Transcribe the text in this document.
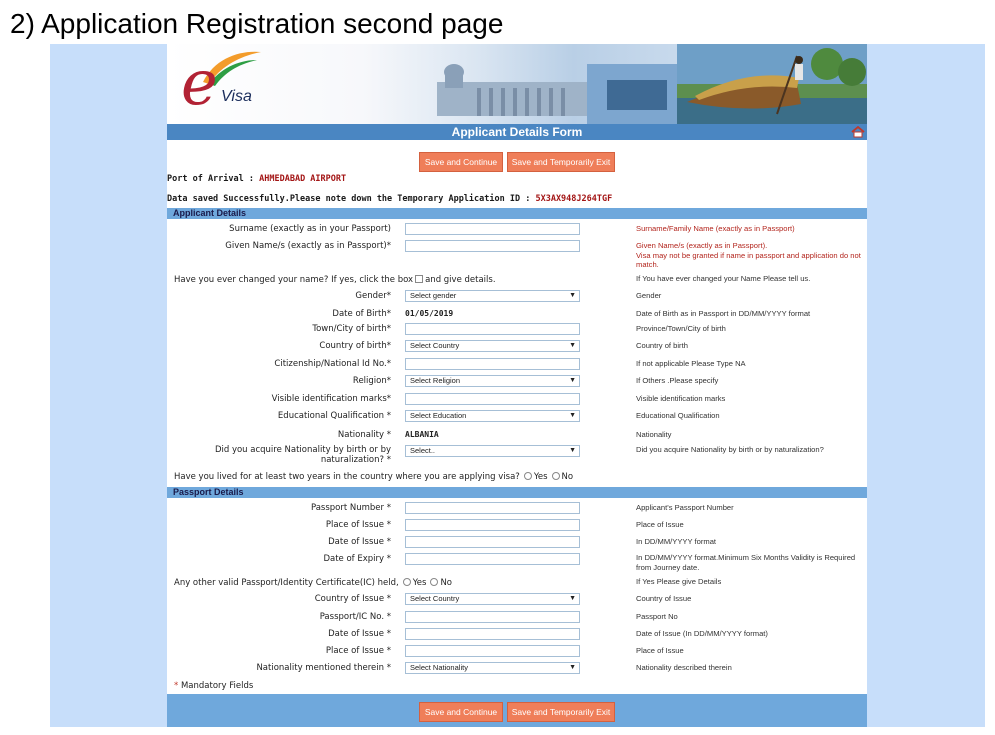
2) Application Registration second page
e Visa
Applicant Details Form
Save and Continue	Save and Temporarily Exit
Port of Arrival : AHMEDABAD AIRPORT
Data saved Successfully.Please note down the Temporary Application ID : 5X3AX948J264TGF
Applicant Details
Surname (exactly as in your Passport)	Surname/Family Name (exactly as in Passport)
Given Name/s (exactly as in Passport)*	Given Name/s (exactly as in Passport).
Visa may not be granted if name in passport and application do not match.
Have you ever changed your name? If yes, click the box and give details.	If You have ever changed your Name Please tell us.
Gender*	Select gender	▼	Gender
Date of Birth* 01/05/2019	Date of Birth as in Passport in DD/MM/YYYY format
Town/City of birth*	Province/Town/City of birth
Country of birth*	Select Country	▼	Country of birth
Citizenship/National Id No.*	If not applicable Please Type NA
Religion*	Select Religion	▼	If Others .Please specify
Visible identification marks*	Visible identification marks
Educational Qualification *	Select Education	▼	Educational Qualification
Nationality * ALBANIA	Nationality
Did you acquire Nationality by birth or by naturalization? *
Select..	▼	Did you acquire Nationality by birth or by naturalization?
Have you lived for at least two years in the country where you are applying visa? Yes No
Passport Details
Passport Number *	Applicant's Passport Number
Place of Issue *	Place of Issue
Date of Issue *	In DD/MM/YYYY format
Date of Expiry *	In DD/MM/YYYY format.Minimum Six Months Validity is Required from Journey date.
Any other valid Passport/Identity Certificate(IC) held, Yes No	If Yes Please give Details
Country of Issue *	Select Country	▼	Country of Issue
Passport/IC No. *	Passport No
Date of Issue *	Date of Issue (In DD/MM/YYYY format)
Place of Issue *	Place of Issue
Nationality mentioned therein *	Select Nationality	▼	Nationality described therein
* Mandatory Fields
Save and Continue	Save and Temporarily Exit
